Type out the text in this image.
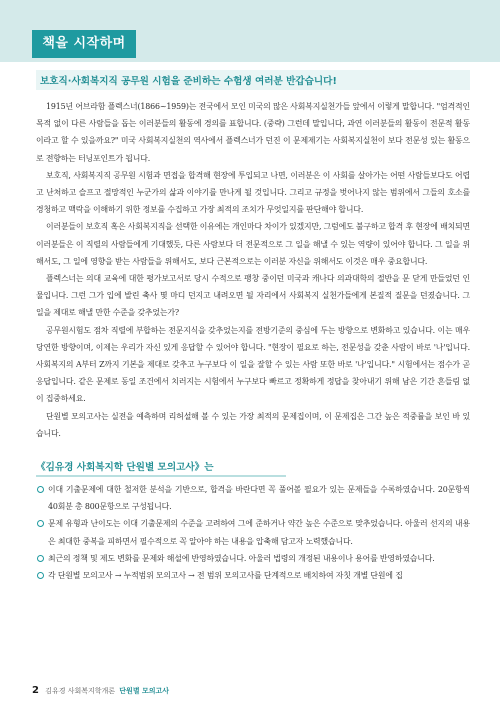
책을 시작하며
보호직·사회복지직 공무원 시험을 준비하는 수험생 여러분 반갑습니다!

1915년 어브라함 플렉스너(1866~1959)는 전국에서 모인 미국의 많은 사회복지실천가들 앞에서 이렇게 말합니다. "엄격적인 목적 없이 다른 사람들을 돕는 이러분들의 활동에 경의를 표합니다. (중략) 그런데 말입니다, 과연 이러분들의 활동이 전문적 활동이라고 할 수 있을까요?" 미국 사회복지실천의 역사에서 플렉스너가 던진 이 문제제기는 사회복지실천이 보다 전문성 있는 활동으로 전향하는 터닝포인트가 됩니다.

보호직, 사회복지직 공무원 시험과 면접을 합격해 현장에 투입되고 나면, 이러분은 이 사회를 살아가는 어떤 사람들보다도 어렵고 난처하고 슬프고 절망적인 누군가의 삶과 이야기를 만나게 될 것입니다. 그리고 규정을 벗어나지 않는 범위에서 그들의 호소를 경청하고 맥락을 이해하기 위한 정보를 수집하고 가장 최적의 조치가 무엇일지를 판단해야 합니다.

이러분들이 보호직 혹은 사회복지직을 선택한 이유에는 개인마다 차이가 있겠지만, 그럼에도 불구하고 합격 후 현장에 배치되면 이러분들은 이 직렬의 사람들에게 기대했듯, 다른 사람보다 더 전문적으로 그 일을 해낼 수 있는 역량이 있어야 합니다. 그 일을 위해서도, 그 일에 영향을 받는 사람들을 위해서도, 보다 근본적으로는 이러분 자신을 위해서도 이것은 매우 중요합니다.

플렉스너는 의대 교육에 대한 평가보고서로 당시 수적으로 팽창 중이던 미국과 캐나다 의과대학의 절반을 문 닫게 만들었던 인물입니다. 그런 그가 입에 발린 축사 몇 마디 던지고 내려오면 될 자리에서 사회복지 실천가들에게 본질적 질문을 던졌습니다. 그 일을 제대로 해낼 만한 수준을 갖추었는가?

공무원시험도 점차 직렬에 부합하는 전문지식을 갖추었는지를 전방기준의 중심에 두는 방향으로 변화하고 있습니다. 이는 매우 당연한 방향이며, 이제는 우리가 자신 있게 응답할 수 있어야 합니다. "현장이 필요로 하는, 전문성을 갖춘 사람이 바로 '나'입니다. 사회복지의 A부터 Z까지 기본을 제대로 갖추고 누구보다 이 일을 잘할 수 있는 사람 또한 바로 '나'입니다." 시험에서는 점수가 곧 응답입니다. 같은 문제로 동일 조건에서 치러지는 시험에서 누구보다 빠르고 정확하게 정답을 찾아내기 위해 남은 기간 흔들림 없이 집중하세요.

단원별 모의고사는 실전을 예측하며 리허설해 볼 수 있는 가장 최적의 문제집이며, 이 문제집은 그간 높은 적중률을 보인 바 있습니다.

《김유경 사회복지학 단원별 모의고사》는
이대 기출문제에 대한 철저한 분석을 기반으로, 합격을 바란다면 꼭 풀어볼 필요가 있는 문제들을 수록하였습니다. 20문항씩 40회분 총 800문항으로 구성됩니다.
문제 유형과 난이도는 이대 기출문제의 수준을 고려하여 그에 준하거나 약간 높은 수준으로 맞추었습니다. 아울러 선지의 내용은 최대한 중복을 피하면서 필수적으로 꼭 알아야 하는 내용을 압축해 담고자 노력했습니다.
최근의 정책 및 제도 변화를 문제와 해설에 반영하였습니다. 아울러 법령의 개정된 내용이나 용어를 반영하였습니다.
각 단원별 모의고사 → 누적범위 모의고사 → 전 범위 모의고사를 단계적으로 배치하여 자칫 개별 단원에 집
2 김유경 사회복지학개론 단원별 모의고사
